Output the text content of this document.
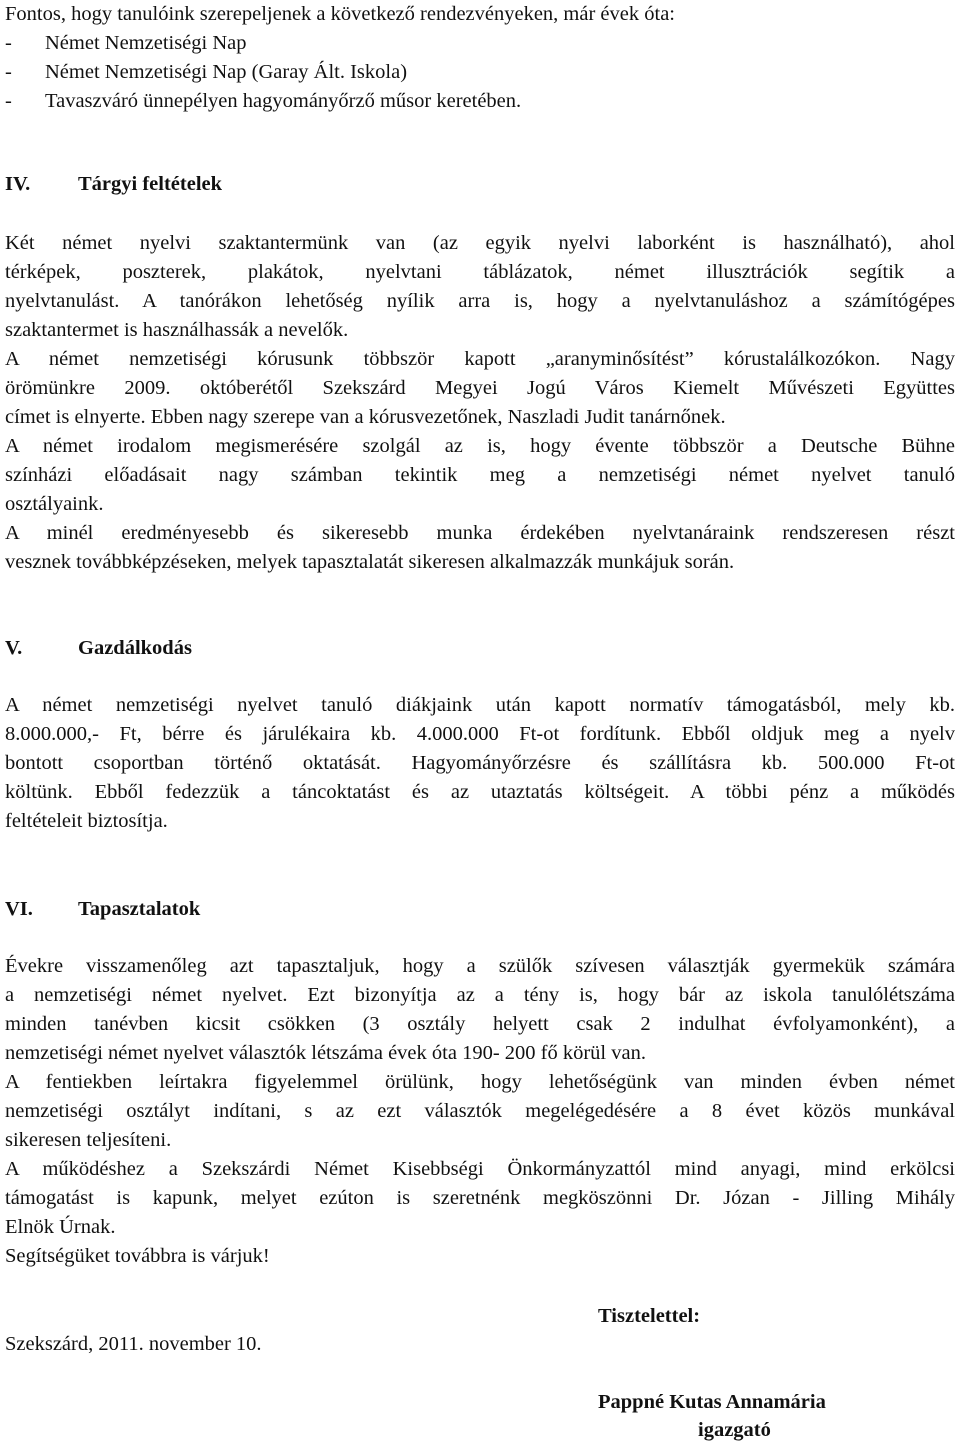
Fontos, hogy tanulóink szerepeljenek a következő rendezvényeken, már évek óta:
-	Német Nemzetiségi Nap
-	Német Nemzetiségi Nap (Garay Ált. Iskola)
-	Tavaszváró ünnepélyen hagyományőrző műsor keretében.
IV. Tárgyi feltételek
Két német nyelvi szaktantermünk van (az egyik nyelvi laborként is használható), ahol
térképek, poszterek, plakátok, nyelvtani táblázatok, német illusztrációk segítik a
nyelvtanulást. A tanórákon lehetőség nyílik arra is, hogy a nyelvtanuláshoz a számítógépes
szaktantermet is használhassák a nevelők.
A német nemzetiségi kórusunk többször kapott „aranyminősítést” kórustalálkozókon. Nagy
örömünkre 2009. októberétől Szekszárd Megyei Jogú Város Kiemelt Művészeti Együttes
címet is elnyerte. Ebben nagy szerepe van a kórusvezetőnek, Naszladi Judit tanárnőnek.
A német irodalom megismerésére szolgál az is, hogy évente többször a Deutsche Bühne
színházi előadásait nagy számban tekintik meg a nemzetiségi német nyelvet tanuló
osztályaink.
A minél eredményesebb és sikeresebb munka érdekében nyelvtanáraink rendszeresen részt
vesznek továbbképzéseken, melyek tapasztalatát sikeresen alkalmazzák munkájuk során.
V.	Gazdálkodás
A német nemzetiségi nyelvet tanuló diákjaink után kapott normatív támogatásból, mely kb.
8.000.000,- Ft, bérre és járulékaira kb. 4.000.000 Ft-ot fordítunk. Ebből oldjuk meg a nyelv
bontott csoportban történő oktatását. Hagyományőrzésre és szállításra kb. 500.000 Ft-ot
költünk. Ebből fedezzük a táncoktatást és az utaztatás költségeit. A többi pénz a működés
feltételeit biztosítja.
VI. Tapasztalatok
Évekre visszamenőleg azt tapasztaljuk, hogy a szülők szívesen választják gyermekük számára
a nemzetiségi német nyelvet. Ezt bizonyítja az a tény is, hogy bár az iskola tanulólétszáma
minden tanévben kicsit csökken (3 osztály helyett csak 2 indulhat évfolyamonként), a
nemzetiségi német nyelvet választók létszáma évek óta 190- 200 fő körül van.
A fentiekben leírtakra figyelemmel örülünk, hogy lehetőségünk van minden évben német
nemzetiségi osztályt indítani, s az ezt választók megelégedésére a 8 évet közös munkával
sikeresen teljesíteni.
A működéshez a Szekszárdi Német Kisebbségi Önkormányzattól mind anyagi, mind erkölcsi
támogatást is kapunk, melyet ezúton is szeretnénk megköszönni Dr. Józan - Jilling Mihály
Elnök Úrnak.
Segítségüket továbbra is várjuk!
Tisztelettel:
Szekszárd, 2011. november 10.
Pappné Kutas Annamária
igazgató
